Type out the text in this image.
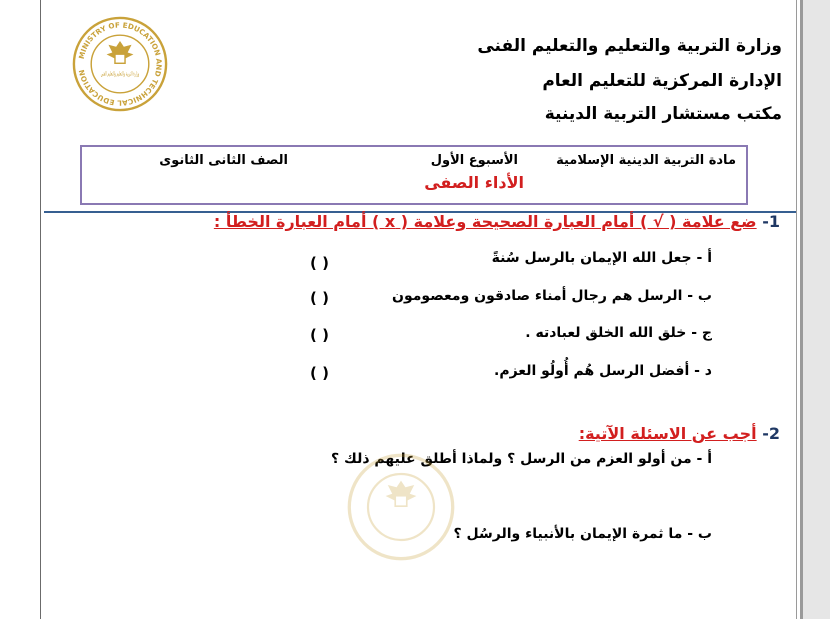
MINISTRY OF EDUCATION AND TECHNICAL EDUCATION	وزارة التربية والتعليم والتعليم الفني
وزارة التربية والتعليم والتعليم الفنى
الإدارة المركزية للتعليم العام
مكتب مستشار التربية الدينية
مادة التربية الدينية الإسلامية
الأسبوع الأول
الصف الثانى الثانوى
الأداء الصفى
1- ضع علامة ( √ ) أمام العبارة الصحيحة وعلامة ( x ) أمام العبارة الخطأ :
أ - جعل الله الإيمان بالرسل سُنةً
( )
ب - الرسل هم رجال أمناء صادقون ومعصومون
( )
ج - خلق الله الخلق لعبادته .
( )
د - أفضل الرسل هُم أُولُو العزم.
( )
2- أجب عن الاسئلة الآتية:
أ - من أولو العزم من الرسل ؟ ولماذا أطلق عليهم ذلك ؟
ب - ما ثمرة الإيمان بالأنبياء والرسُل ؟
